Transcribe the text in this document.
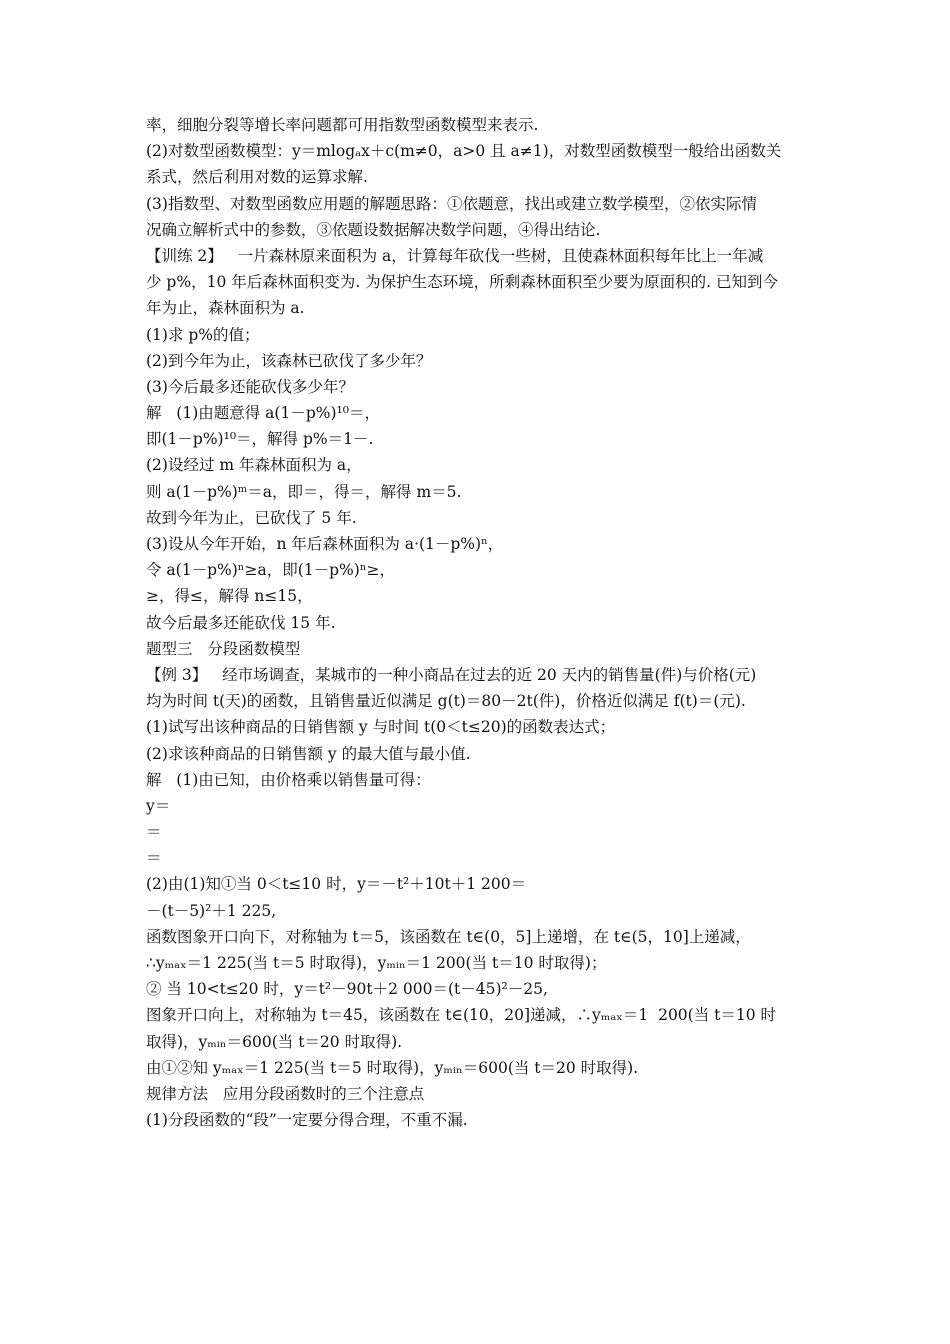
率，细胞分裂等增长率问题都可用指数型函数模型来表示.
(2)对数型函数模型：y＝mlogₐx＋c(m≠0，a>0 且 a≠1)，对数型函数模型一般给出函数关
系式，然后利用对数的运算求解.
(3)指数型、对数型函数应用题的解题思路：①依题意，找出或建立数学模型，②依实际情
况确立解析式中的参数，③依题设数据解决数学问题，④得出结论.
【训练 2】   一片森林原来面积为 a，计算每年砍伐一些树，且使森林面积每年比上一年减
少 p%，10 年后森林面积变为. 为保护生态环境，所剩森林面积至少要为原面积的. 已知到今
年为止，森林面积为 a.
(1)求 p%的值；
(2)到今年为止，该森林已砍伐了多少年？
(3)今后最多还能砍伐多少年？
解   (1)由题意得 a(1－p%)¹⁰＝，
即(1－p%)¹⁰＝，解得 p%＝1－.
(2)设经过 m 年森林面积为 a，
则 a(1－p%)ᵐ＝a，即＝，得＝，解得 m＝5.
故到今年为止，已砍伐了 5 年.
(3)设从今年开始，n 年后森林面积为 a·(1－p%)ⁿ，
令 a(1－p%)ⁿ≥a，即(1－p%)ⁿ≥，
≥，得≤，解得 n≤15，
故今后最多还能砍伐 15 年.
题型三   分段函数模型
【例 3】   经市场调查，某城市的一种小商品在过去的近 20 天内的销售量(件)与价格(元)
均为时间 t(天)的函数，且销售量近似满足 g(t)＝80－2t(件)，价格近似满足 f(t)＝(元).
(1)试写出该种商品的日销售额 y 与时间 t(0＜t≤20)的函数表达式；
(2)求该种商品的日销售额 y 的最大值与最小值.
解   (1)由已知，由价格乘以销售量可得：
y＝
＝
＝
(2)由(1)知①当 0＜t≤10 时，y＝－t²＋10t＋1 200＝
－(t－5)²＋1 225,
函数图象开口向下，对称轴为 t＝5，该函数在 t∈(0，5]上递增，在 t∈(5，10]上递减，
∴yₘₐₓ＝1 225(当 t＝5 时取得)，yₘᵢₙ＝1 200(当 t＝10 时取得)；
② 当 10<t≤20 时，y＝t²－90t＋2 000＝(t－45)²－25,
图象开口向上，对称轴为 t＝45，该函数在 t∈(10，20]递减，∴yₘₐₓ＝1  200(当 t＝10 时
取得)，yₘᵢₙ＝600(当 t＝20 时取得).
由①②知 yₘₐₓ＝1 225(当 t＝5 时取得)，yₘᵢₙ＝600(当 t＝20 时取得).
规律方法   应用分段函数时的三个注意点
(1)分段函数的“段”一定要分得合理，不重不漏.
